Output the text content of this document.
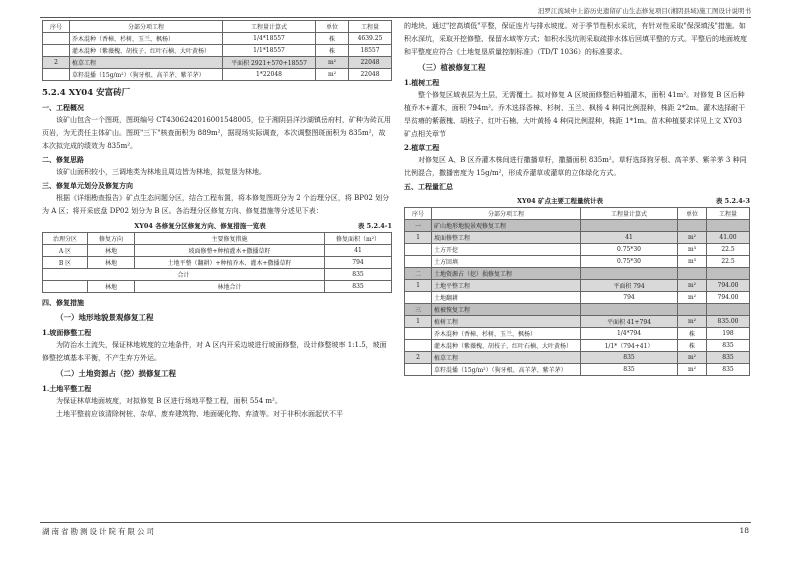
汨罗江流域中上游历史遗留矿山生态修复项目(湘阴县域)施工图设计说明书
序号	分部分项工程	工程量计算式	单位	工程量
	乔木混种（香樟、杉树、玉兰、枫杨）	1/4*18557	株	4639.25
	灌木混种（紫薇槐、胡枝子、红叶石楠、大叶黄杨）	1/1*18557	株	18557
2	植草工程	平面积 2921+570+18557	m²	22048
	草籽混播（15g/m²）（狗牙根、高羊茅、紫羊茅）	1*22048	m²	22048
5.2.4 XY04 安富砖厂
一、工程概况

该矿山包含一个图斑，图斑编号 CT4306242016001548005，位于湘阴县洋沙湖镇岳府村，矿种为砖瓦用页岩，为无责任主体矿山。图斑"三下"核查面积为 889m²，据现场实际调查，本次调整图斑面积为 835m²，故本次拟完成的绩效为 835m²。

二、修复思路

该矿山面积较小，三调地类为林地且周边皆为林地，拟复垦为林地。

三、修复单元划分及修复方向

根据《详细勘查报告》矿点生态问题分区，结合工程布置，将本修复图斑分为 2 个治理分区，将 BP02 划分为 A 区；将开采底盘 DP02 划分为 B 区。各治理分区修复方向、修复措施等分述见下表：

XY04 各修复分区修复方向、修复措施一览表	表 5.2.4-1
治理分区	修复方向	主要修复措施	修复面积（m²）
A 区	林地	坡面修整+种植灌木+撒播草籽	41
B 区	林地	土地平整（翻耕）+种植乔木、灌木+撒播草籽	794
合计			835
	林地	林地合计	835
四、修复措施
（一）地形地貌景观修复工程
1.坡面修整工程

为防治水土流失，保证林地坡度的立地条件，对 A 区内开采边坡进行坡面修整，设计修整坡率 1:1.5，坡面修整挖填基本平衡，不产生弃方外运。

（二）土地资源占（挖）损修复工程
1.土地平整工程

为保证林草地面坡度，对拟修复 B 区进行场地平整工程，面积 554 m²。

土地平整前应该清除树桩、杂草、废弃建筑物、地面硬化物、弃渣等。对于非积水面起伏不平

的地块，通过"挖高填低"平整，保证连片与排水坡度。对于季节性积水采坑，有针对性采取"保深填浅"措施。如积水深坑，采取开挖修整、保留水域等方式；如积水浅坑则采取疏排水体后回填平整的方式。平整后的地面坡度和平整度应符合《土地复垦质量控制标准》（TD/T 1036）的标准要求。

（三）植被修复工程
1.植树工程

整个修复区域表层为土层，无需覆土。拟对修复 A 区坡面修整后种植灌木，面积 41m²。对修复 B 区后种植乔木+灌木，面积 794m²。乔木选择香樟、杉树、玉兰、枫杨 4 种同比例混种，株距 2*2m。灌木选择耐干旱贫瘠的紫薇槐、胡枝子、红叶石楠、大叶黄杨 4 种同比例混种，株距 1*1m。苗木种植要求详见上文 XY03 矿点相关章节

2.植草工程

对修复区 A、B 区乔灌木株间进行撒播草籽，撒播面积 835m²。草籽选择狗牙根、高羊茅、紫羊茅 3 种同比例混合，撒播密度为 15g/m²，形成乔灌草或灌草的立体绿化方式。

五、工程量汇总
XY04 矿点主要工程量统计表	表 5.2.4-3
序号	分部分项工程	工程量计算式	单位	工程量
一	矿山地形地貌景观修复工程			
1	坡面修整工程	41	m²	41.00
	土方开挖	0.75*30	m³	22.5
	土方回填	0.75*30	m³	22.5
二	土地资源占（挖）损修复工程			
1	土地平整工程	平面积 794	m²	794.00
	土地翻耕	794	m²	794.00
三	植被恢复工程			
1	植树工程	平面积 41+794	m²	835.00
	乔木混种（香樟、杉树、玉兰、枫杨）	1/4*794	株	198
	灌木混种（紫薇槐、胡枝子、红叶石楠、大叶黄杨）	1/1*（794+41）	株	835
2	植草工程	835	m²	835
	草籽混播（15g/m²）（狗牙根、高羊茅、紫羊茅）	835	m²	835
湖南省勘测设计院有限公司	18
